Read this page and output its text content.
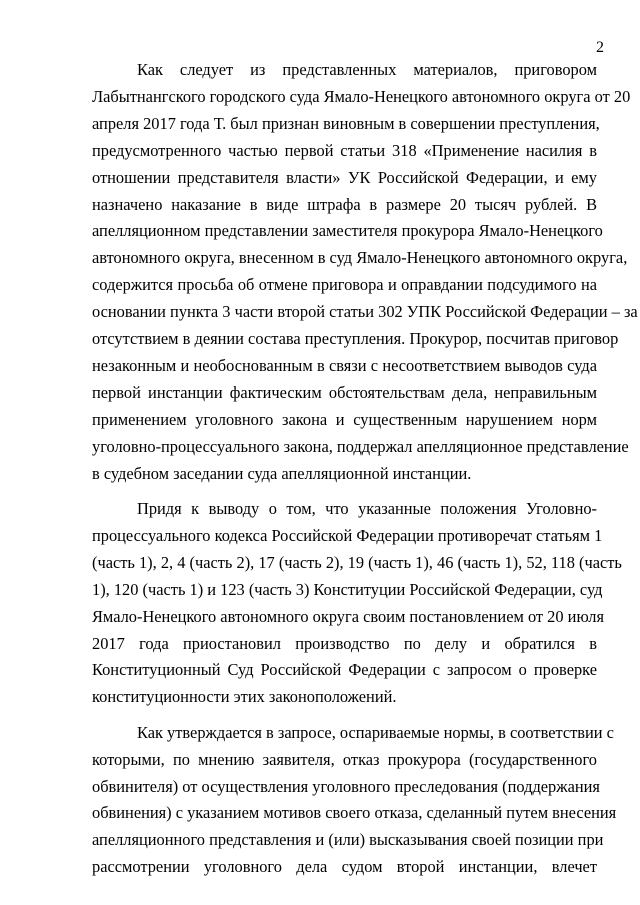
2
Как следует из представленных материалов, приговором
Лабытнангского городского суда Ямало-Ненецкого автономного округа от 20
апреля 2017 года Т. был признан виновным в совершении преступления,
предусмотренного частью первой статьи 318 «Применение насилия в
отношении представителя власти» УК Российской Федерации, и ему
назначено наказание в виде штрафа в размере 20 тысяч рублей. В
апелляционном представлении заместителя прокурора Ямало-Ненецкого
автономного округа, внесенном в суд Ямало-Ненецкого автономного округа,
содержится просьба об отмене приговора и оправдании подсудимого на
основании пункта 3 части второй статьи 302 УПК Российской Федерации – за
отсутствием в деянии состава преступления. Прокурор, посчитав приговор
незаконным и необоснованным в связи с несоответствием выводов суда
первой инстанции фактическим обстоятельствам дела, неправильным
применением уголовного закона и существенным нарушением норм
уголовно-процессуального закона, поддержал апелляционное представление
в судебном заседании суда апелляционной инстанции.
Придя к выводу о том, что указанные положения Уголовно-
процессуального кодекса Российской Федерации противоречат статьям 1
(часть 1), 2, 4 (часть 2), 17 (часть 2), 19 (часть 1), 46 (часть 1), 52, 118 (часть
1), 120 (часть 1) и 123 (часть 3) Конституции Российской Федерации, суд
Ямало-Ненецкого автономного округа своим постановлением от 20 июля
2017 года приостановил производство по делу и обратился в
Конституционный Суд Российской Федерации с запросом о проверке
конституционности этих законоположений.
Как утверждается в запросе, оспариваемые нормы, в соответствии с
которыми, по мнению заявителя, отказ прокурора (государственного
обвинителя) от осуществления уголовного преследования (поддержания
обвинения) с указанием мотивов своего отказа, сделанный путем внесения
апелляционного представления и (или) высказывания своей позиции при
рассмотрении уголовного дела судом второй инстанции, влечет
